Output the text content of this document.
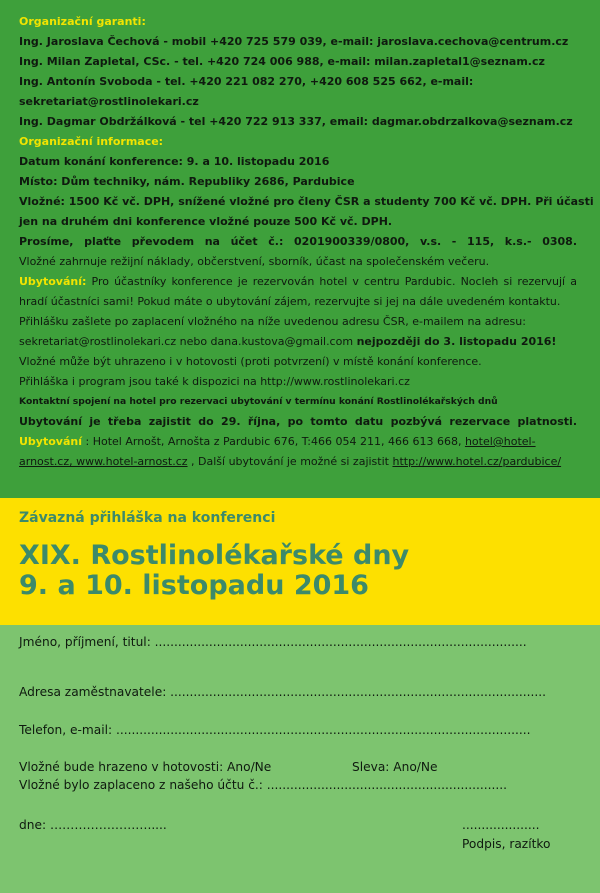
Organizační garanti:
Ing. Jaroslava Čechová - mobil +420 725 579 039, e-mail: jaroslava.cechova@centrum.cz
Ing. Milan Zapletal, CSc. - tel. +420 724 006 988, e-mail: milan.zapletal1@seznam.cz
Ing. Antonín Svoboda - tel. +420 221 082 270, +420 608 525 662, e-mail:
sekretariat@rostlinolekari.cz
Ing. Dagmar Obdržálková - tel +420 722 913 337, email: dagmar.obdrzalkova@seznam.cz
Organizační informace:
Datum konání konference: 9. a 10. listopadu 2016
Místo: Dům techniky, nám. Republiky 2686, Pardubice
Vložné: 1500 Kč vč. DPH, snížené vložné pro členy ČSR a studenty 700 Kč vč. DPH. Při účasti
jen na druhém dni konference vložné pouze 500 Kč vč. DPH.
Prosíme, plaťte převodem na účet č.: 0201900339/0800, v.s. - 115, k.s.- 0308.
Vložné zahrnuje režijní náklady, občerstvení, sborník, účast na společenském večeru.
Ubytování: Pro účastníky konference je rezervován hotel v centru Pardubic. Nocleh si rezervují a hradí účastníci sami! Pokud máte o ubytování zájem, rezervujte si jej na dále uvedeném kontaktu.
Přihlášku zašlete po zaplacení vložného na níže uvedenou adresu ČSR, e-mailem na adresu:
sekretariat@rostlinolekari.cz nebo dana.kustova@gmail.com nejpozději do 3. listopadu 2016!
Vložné může být uhrazeno i v hotovosti (proti potvrzení) v místě konání konference.
Přihláška i program jsou také k dispozici na http://www.rostlinolekari.cz
Kontaktní spojení na hotel pro rezervaci ubytování v termínu konání Rostlinolékařských dnů
Ubytování je třeba zajistit do 29. října, po tomto datu pozbývá rezervace platnosti.
Ubytování : Hotel Arnošt, Arnošta z Pardubic 676, T:466 054 211, 466 613 668, hotel@hotel-
arnost.cz, www.hotel-arnost.cz , Další ubytování je možné si zajistit http://www.hotel.cz/pardubice/
Závazná přihláška na konferenci
XIX. Rostlinolékařské dny
9. a 10. listopadu 2016
Jméno, příjmení, titul: ................................................................................................
Adresa zaměstnavatele: .................................................................................................
Telefon, e-mail: ...........................................................................................................
Vložné bude hrazeno v hotovosti: Ano/Ne	Sleva: Ano/Ne
Vložné bylo zaplaceno z našeho účtu č.: ..............................................................
dne: …………………….....	....................
Podpis, razítko
